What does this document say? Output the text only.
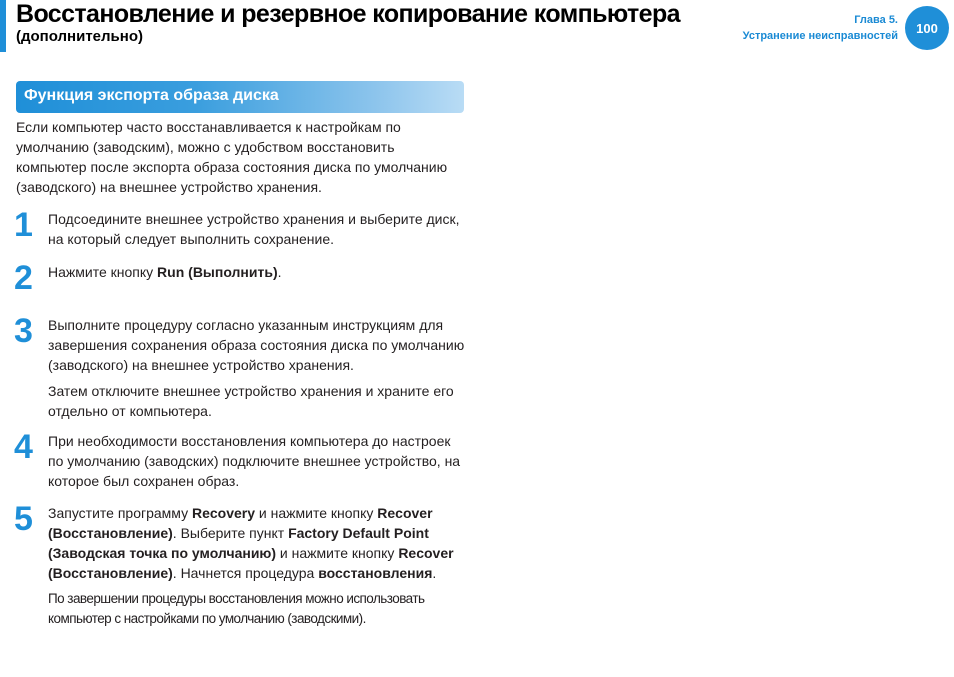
Восстановление и резервное копирование компьютера
(дополнительно)
Глава 5.
Устранение неисправностей
100
Функция экспорта образа диска

Если компьютер часто восстанавливается к настройкам по умолчанию (заводским), можно с удобством восстановить компьютер после экспорта образа состояния диска по умолчанию (заводского) на внешнее устройство хранения.

1 Подсоедините внешнее устройство хранения и выберите диск, на который следует выполнить сохранение.

2 Нажмите кнопку Run (Выполнить).

3 Выполните процедуру согласно указанным инструкциям для завершения сохранения образа состояния диска по умолчанию (заводского) на внешнее устройство хранения.

Затем отключите внешнее устройство хранения и храните его отдельно от компьютера.

4 При необходимости восстановления компьютера до настроек по умолчанию (заводских) подключите внешнее устройство, на которое был сохранен образ.

5 Запустите программу Recovery и нажмите кнопку Recover (Восстановление). Выберите пункт Factory Default Point (Заводская точка по умолчанию) и нажмите кнопку Recover (Восстановление). Начнется процедура восстановления.

По завершении процедуры восстановления можно использовать компьютер с настройками по умолчанию (заводскими).
